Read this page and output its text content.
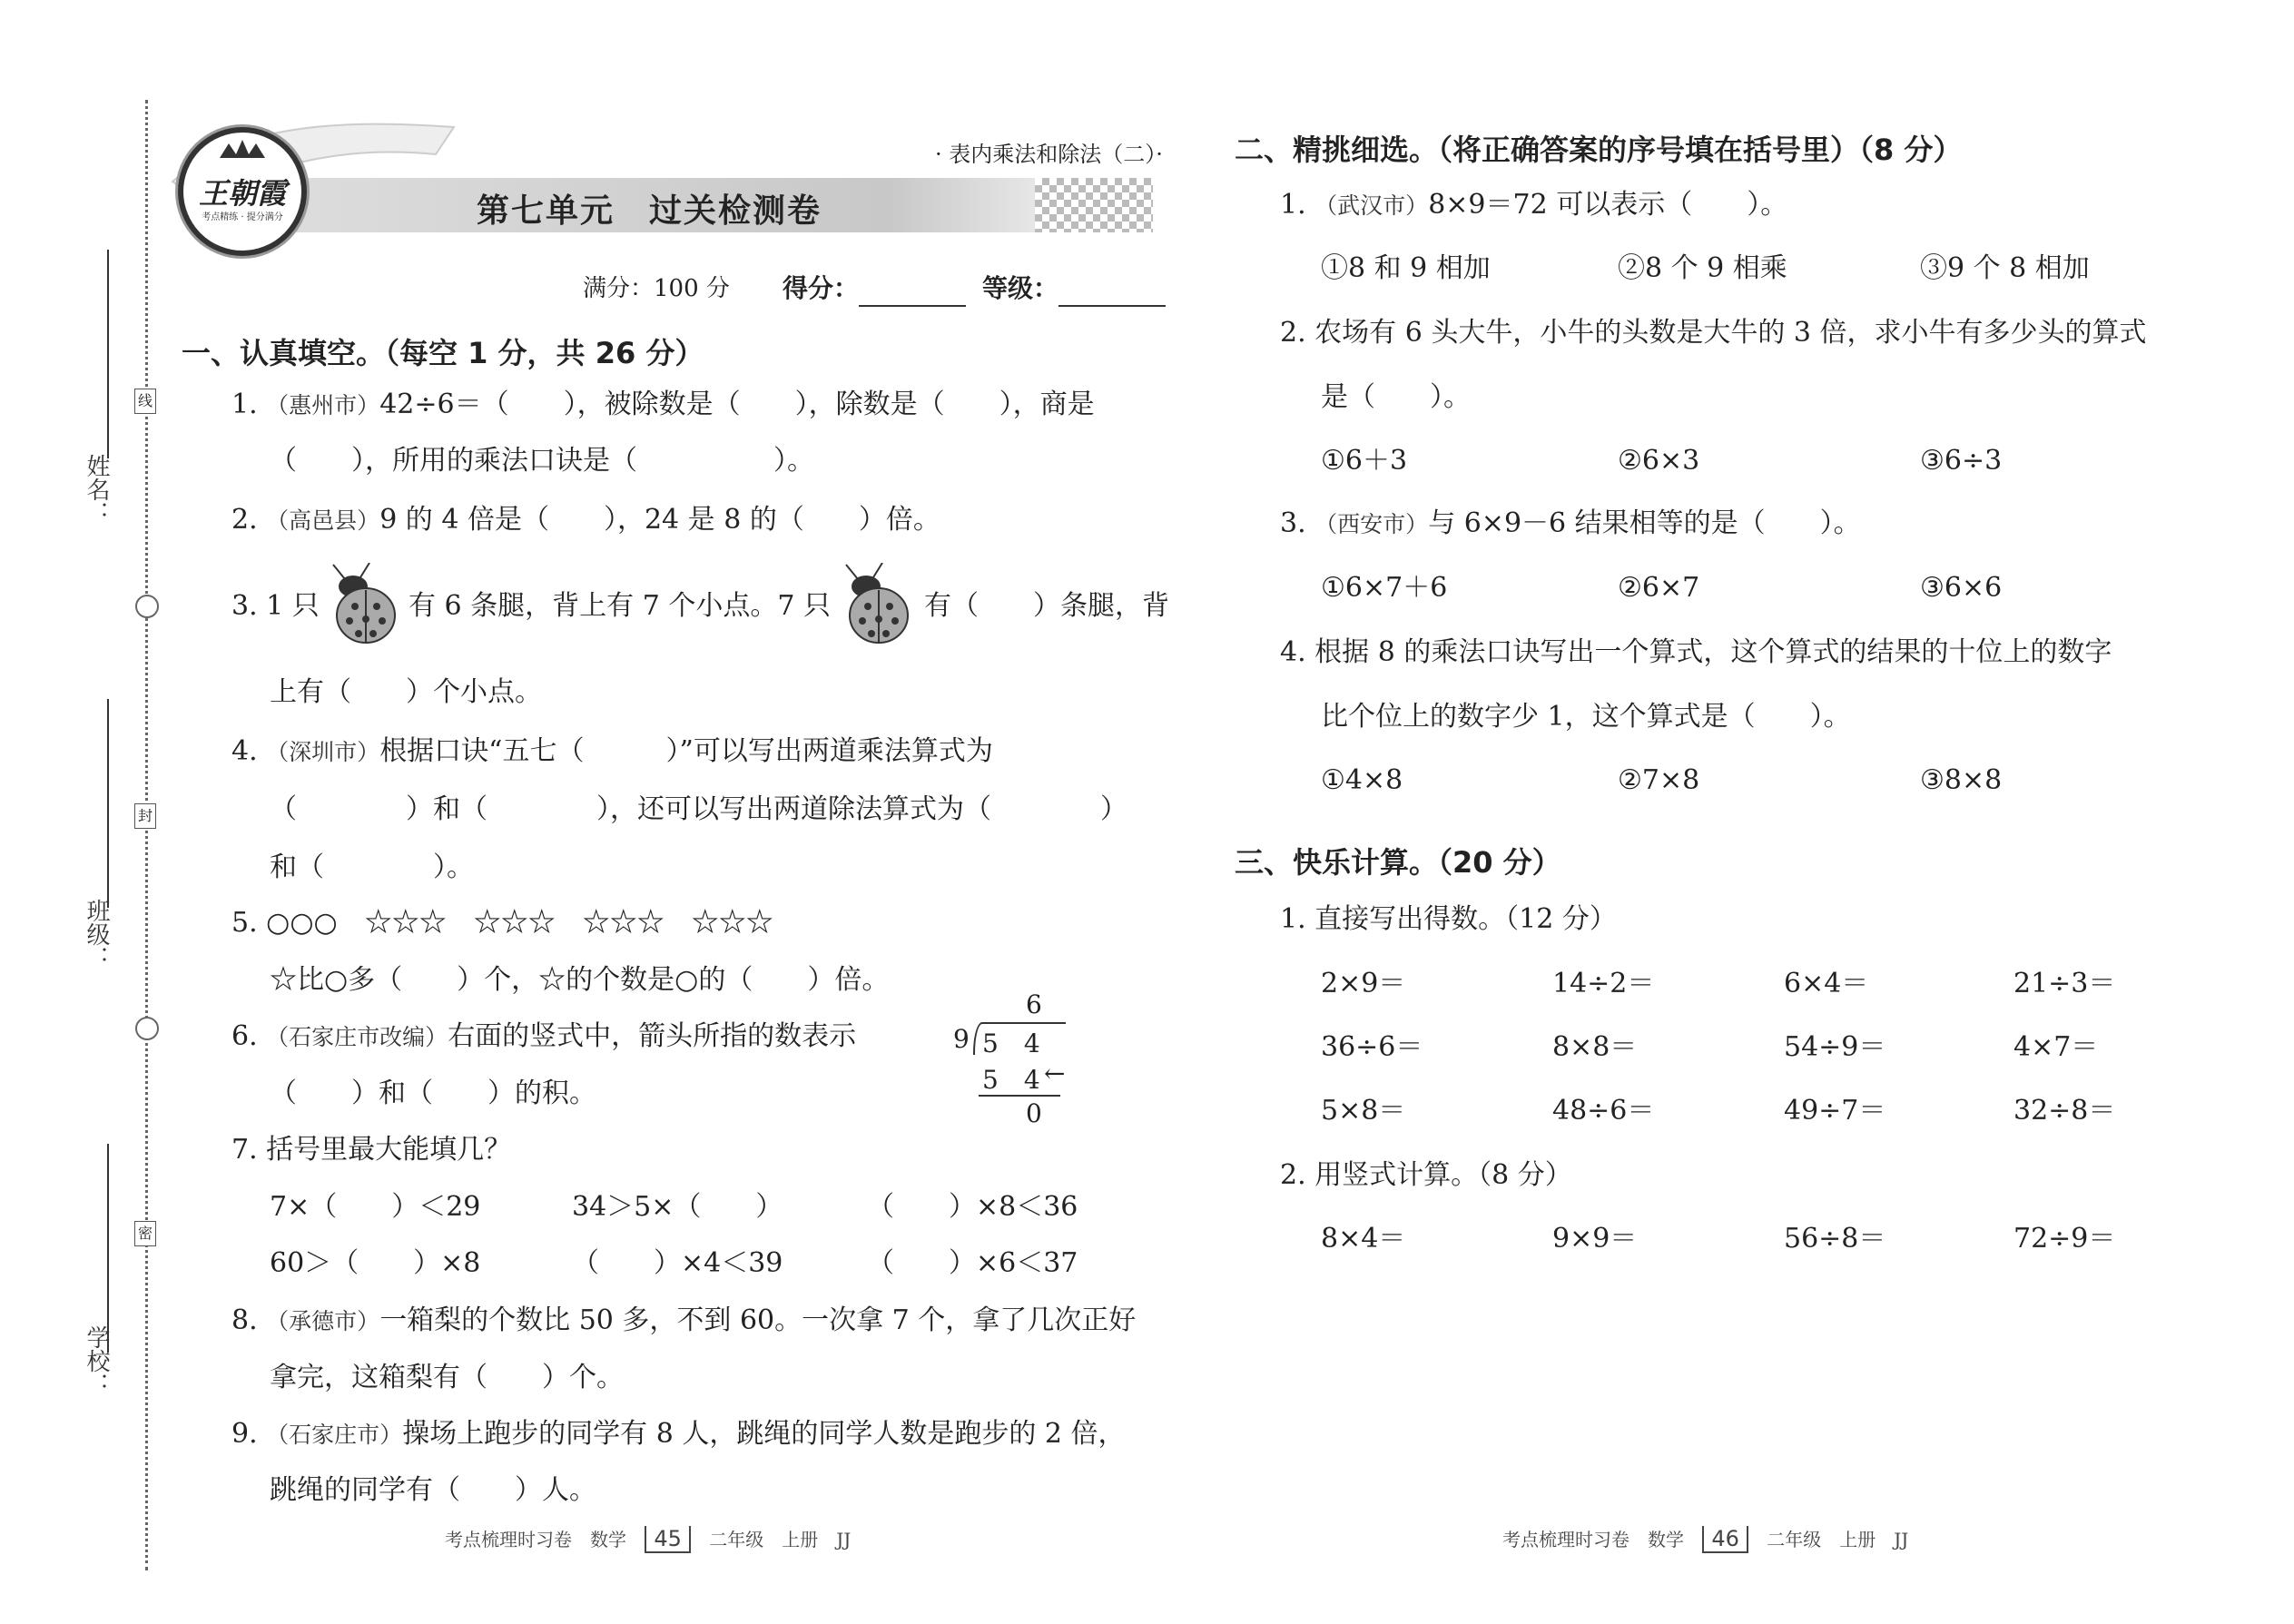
姓名：
班级：
学校：
线
封
密
第七单元　过关检测卷
· 表内乘法和除法（二）·
王朝霞
考点精练 · 提分满分
满分：100 分 得分：	等级：
一、认真填空。（每空 1 分，共 26 分）
1. （惠州市）42÷6＝（　　），被除数是（　　），除数是（　　），商是
（　　），所用的乘法口诀是（　　　　　）。
2. （高邑县）9 的 4 倍是（　　），24 是 8 的（　　）倍。
3. 1 只	有 6 条腿，背上有 7 个小点。7 只	有（　　）条腿，背
上有（　　）个小点。
4. （深圳市）根据口诀“五七（　　　）”可以写出两道乘法算式为
（　　　　）和（　　　　），还可以写出两道除法算式为（　　　　）
和（　　　　）。
5. ○○○　☆☆☆　☆☆☆　☆☆☆　☆☆☆
☆比○多（　　）个，☆的个数是○的（　　）倍。
6. （石家庄市改编）右面的竖式中，箭头所指的数表示
（　　）和（　　）的积。
6
9 5　4
5　4 ←
0
7. 括号里最大能填几？
7×（　　）＜29	34＞5×（　　）	（　　）×8＜36
60＞（　　）×8	（　　）×4＜39	（　　）×6＜37
8. （承德市）一箱梨的个数比 50 多，不到 60。一次拿 7 个，拿了几次正好
拿完，这箱梨有（　　）个。
9. （石家庄市）操场上跑步的同学有 8 人，跳绳的同学人数是跑步的 2 倍，
跳绳的同学有（　　）人。
考点梳理时习卷　数学 45 二年级　上册　JJ
二、精挑细选。（将正确答案的序号填在括号里）（8 分）
1. （武汉市）8×9＝72 可以表示（　　）。
①8 和 9 相加	②8 个 9 相乘	③9 个 8 相加
2. 农场有 6 头大牛，小牛的头数是大牛的 3 倍，求小牛有多少头的算式
是（　　）。
①6＋3	②6×3	③6÷3
3. （西安市）与 6×9－6 结果相等的是（　　）。
①6×7＋6	②6×7	③6×6
4. 根据 8 的乘法口诀写出一个算式，这个算式的结果的十位上的数字
比个位上的数字少 1，这个算式是（　　）。
①4×8	②7×8	③8×8
三、快乐计算。（20 分）
1. 直接写出得数。（12 分）
2×9＝	14÷2＝	6×4＝	21÷3＝
36÷6＝	8×8＝	54÷9＝	4×7＝
5×8＝	48÷6＝	49÷7＝	32÷8＝
2. 用竖式计算。（8 分）
8×4＝	9×9＝	56÷8＝	72÷9＝
考点梳理时习卷　数学 46 二年级　上册　JJ
